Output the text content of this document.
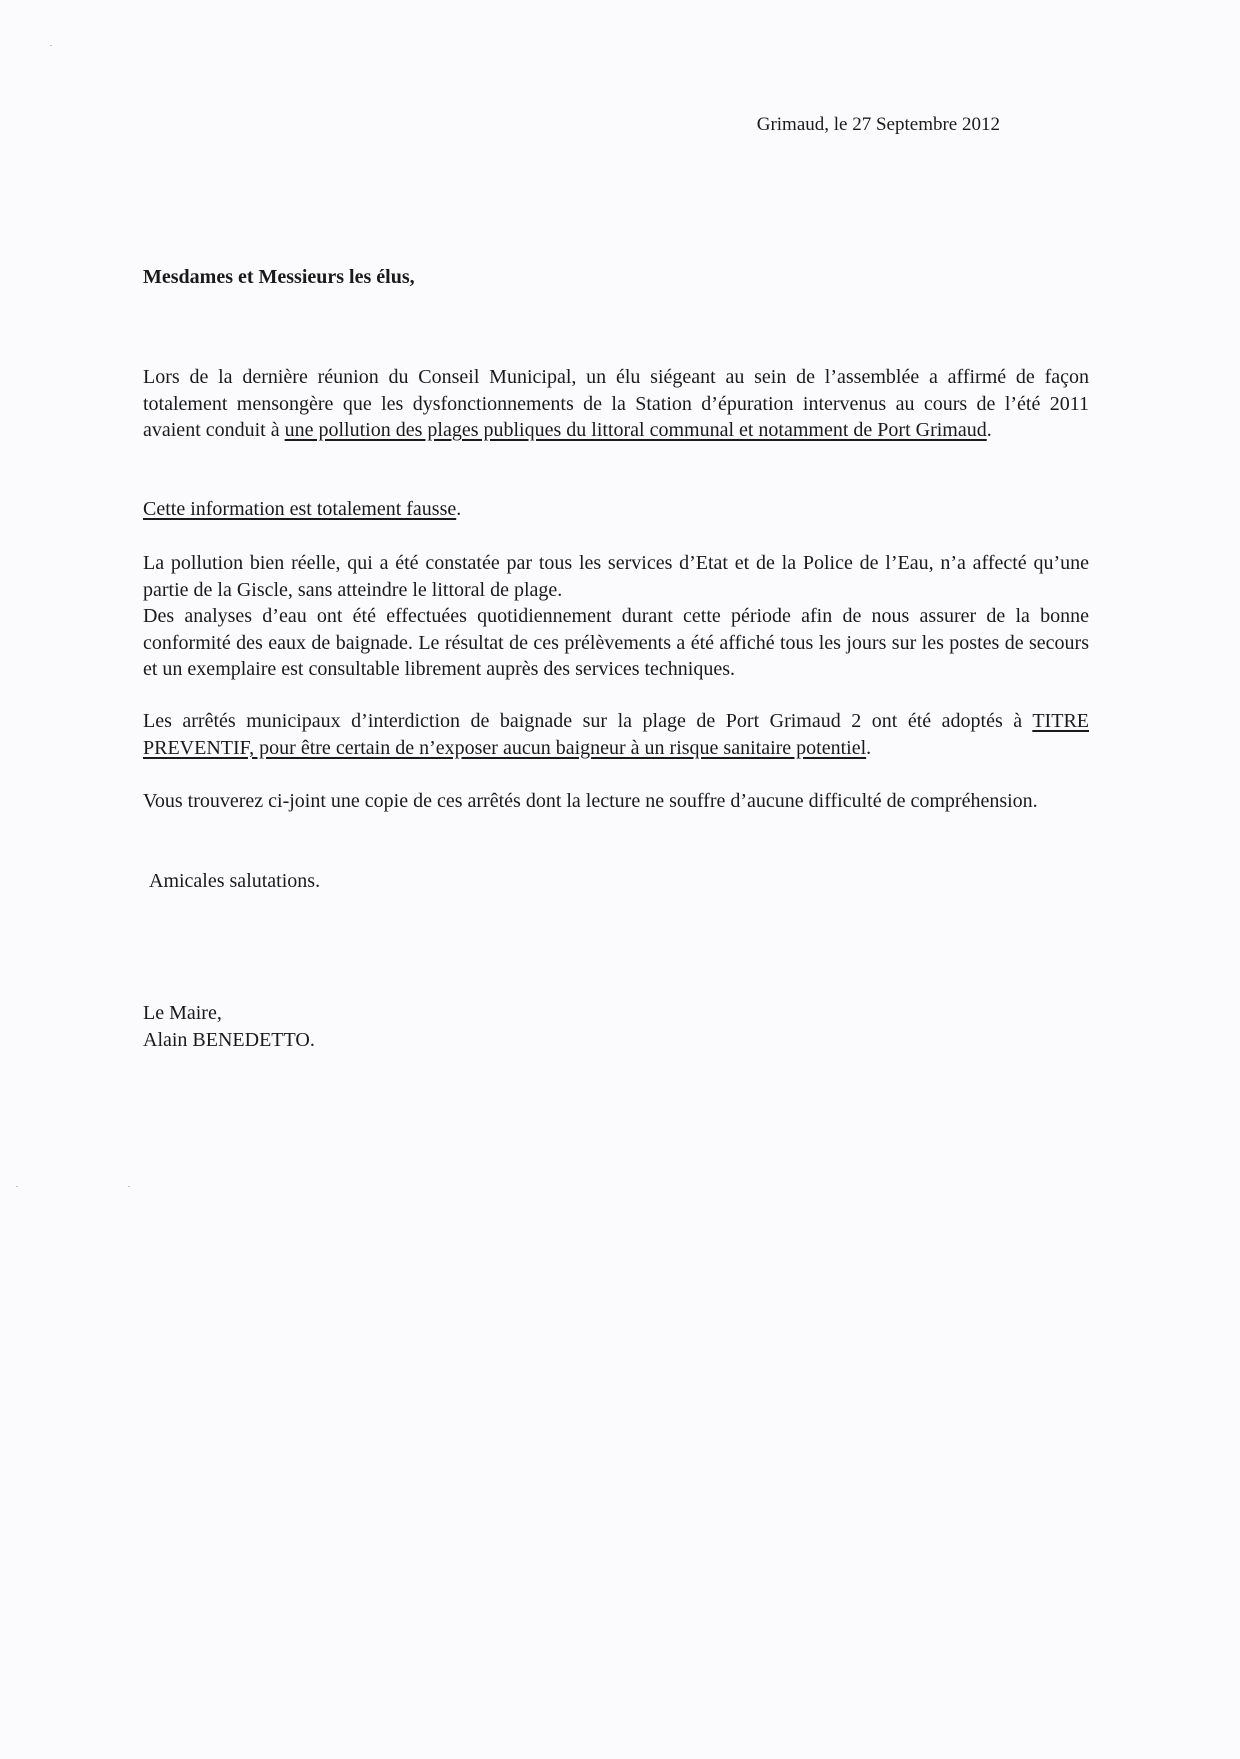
Grimaud, le 27 Septembre 2012
Mesdames et Messieurs les élus,

Lors de la dernière réunion du Conseil Municipal, un élu siégeant au sein de l’assemblée a affirmé de façon totalement mensongère que les dysfonctionnements de la Station d’épuration intervenus au cours de l’été 2011 avaient conduit à une pollution des plages publiques du littoral communal et notamment de Port Grimaud.

Cette information est totalement fausse.

La pollution bien réelle, qui a été constatée par tous les services d’Etat et de la Police de l’Eau, n’a affecté qu’une partie de la Giscle, sans atteindre le littoral de plage.

Des analyses d’eau ont été effectuées quotidiennement durant cette période afin de nous assurer de la bonne conformité des eaux de baignade. Le résultat de ces prélèvements a été affiché tous les jours sur les postes de secours et un exemplaire est consultable librement auprès des services techniques.

Les arrêtés municipaux d’interdiction de baignade sur la plage de Port Grimaud 2 ont été adoptés à TITRE PREVENTIF, pour être certain de n’exposer aucun baigneur à un risque sanitaire potentiel.

Vous trouverez ci-joint une copie de ces arrêtés dont la lecture ne souffre d’aucune difficulté de compréhension.

Amicales salutations.
Le Maire,
Alain BENEDETTO.
